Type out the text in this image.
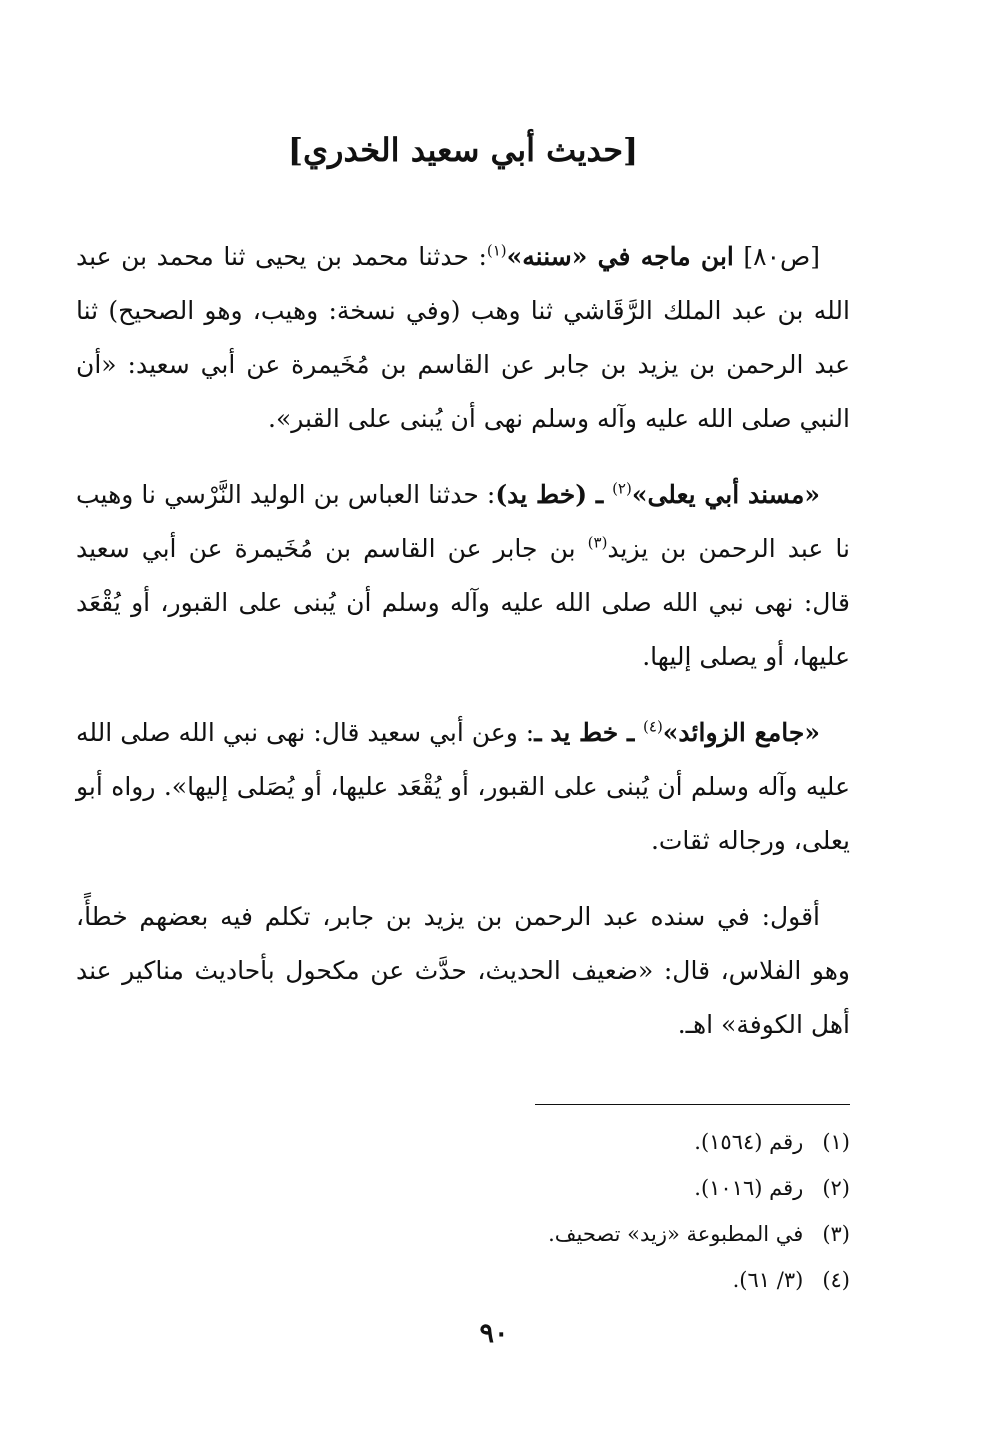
[حديث أبي سعيد الخدري]

[ص٨٠] ابن ماجه في «سننه»$^{(١)}$: حدثنا محمد بن يحيى ثنا محمد بن عبد الله بن عبد الملك الرَّقَاشي ثنا وهب (وفي نسخة: وهيب، وهو الصحيح) ثنا عبد الرحمن بن يزيد بن جابر عن القاسم بن مُخَيمرة عن أبي سعيد: «أن النبي صلى الله عليه وآله وسلم نهى أن يُبنى على القبر».

«مسند أبي يعلى»$^{(٢)}$ ـ (خط يد): حدثنا العباس بن الوليد النَّرْسي نا وهيب نا عبد الرحمن بن يزيد$^{(٣)}$ بن جابر عن القاسم بن مُخَيمرة عن أبي سعيد قال: نهى نبي الله صلى الله عليه وآله وسلم أن يُبنى على القبور، أو يُقْعَد عليها، أو يصلى إليها.

«جامع الزوائد»$^{(٤)}$ ـ خط يد ـ: وعن أبي سعيد قال: نهى نبي الله صلى الله عليه وآله وسلم أن يُبنى على القبور، أو يُقْعَد عليها، أو يُصَلى إليها». رواه أبو يعلى، ورجاله ثقات.

أقول: في سنده عبد الرحمن بن يزيد بن جابر، تكلم فيه بعضهم خطأً، وهو الفلاس، قال: «ضعيف الحديث، حدَّث عن مكحول بأحاديث مناكير عند أهل الكوفة» اهـ.

(١) رقم (١٥٦٤).

(٢) رقم (١٠١٦).

(٣) في المطبوعة «زيد» تصحيف.

(٤) (٣/ ٦١).

٩٠
